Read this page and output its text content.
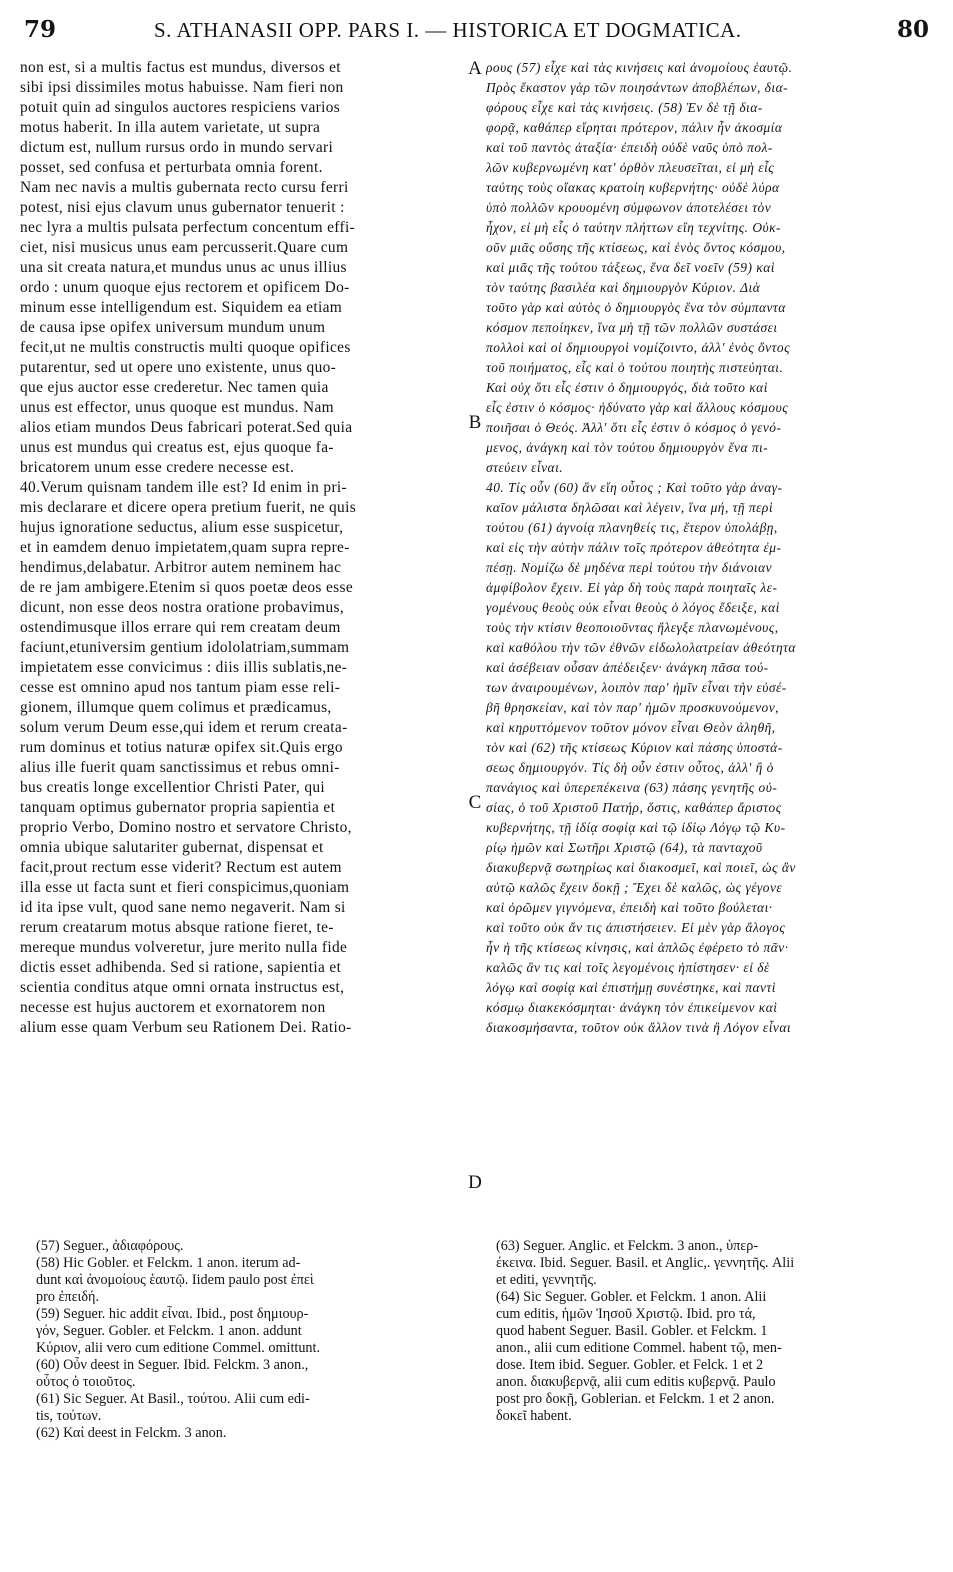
79	S. ATHANASII OPP. PARS I. — HISTORICA ET DOGMATICA.	80
non est, si a multis factus est mundus, diversos et
sibi ipsi dissimiles motus habuisse. Nam fieri non
potuit quin ad singulos auctores respiciens varios
motus haberit. In illa autem varietate, ut supra
dictum est, nullum rursus ordo in mundo servari
posset, sed confusa et perturbata omnia forent.
Nam nec navis a multis gubernata recto cursu ferri
potest, nisi ejus clavum unus gubernator tenuerit :
nec lyra a multis pulsata perfectum concentum effi-
ciet, nisi musicus unus eam percusserit.Quare cum
una sit creata natura,et mundus unus ac unus illius
ordo : unum quoque ejus rectorem et opificem Do-
minum esse intelligendum est. Siquidem ea etiam
de causa ipse opifex universum mundum unum
fecit,ut ne multis constructis multi quoque opifices
putarentur, sed ut opere uno existente, unus quo-
que ejus auctor esse crederetur. Nec tamen quia
unus est effector, unus quoque est mundus. Nam
alios etiam mundos Deus fabricari poterat.Sed quia
unus est mundus qui creatus est, ejus quoque fa-
bricatorem unum esse credere necesse est.
40.Verum quisnam tandem ille est? Id enim in pri-
mis declarare et dicere opera pretium fuerit, ne quis
hujus ignoratione seductus, alium esse suspicetur,
et in eamdem denuo impietatem,quam supra repre-
hendimus,delabatur. Arbitror autem neminem hac
de re jam ambigere.Etenim si quos poetæ deos esse
dicunt, non esse deos nostra oratione probavimus,
ostendimusque illos errare qui rem creatam deum
faciunt,etuniversim gentium idololatriam,summam
impietatem esse convicimus : diis illis sublatis,ne-
cesse est omnino apud nos tantum piam esse reli-
gionem, illumque quem colimus et prædicamus,
solum verum Deum esse,qui idem et rerum creata-
rum dominus et totius naturæ opifex sit.Quis ergo
alius ille fuerit quam sanctissimus et rebus omni-
bus creatis longe excellentior Christi Pater, qui
tanquam optimus gubernator propria sapientia et
proprio Verbo, Domino nostro et servatore Christo,
omnia ubique salutariter gubernat, dispensat et
facit,prout rectum esse viderit? Rectum est autem
illa esse ut facta sunt et fieri conspicimus,quoniam
id ita ipse vult, quod sane nemo negaverit. Nam si
rerum creatarum motus absque ratione fieret, te-
mereque mundus volveretur, jure merito nulla fide
dictis esset adhibenda. Sed si ratione, sapientia et
scientia conditus atque omni ornata instructus est,
necesse est hujus auctorem et exornatorem non
alium esse quam Verbum seu Rationem Dei. Ratio-
ρους (57) εἶχε καὶ τὰς κινήσεις καὶ ἀνομοίους ἑαυτῷ.
Πρὸς ἕκαστον γὰρ τῶν ποιησάντων ἀποβλέπων, δια-
φόρους εἶχε καὶ τὰς κινήσεις. (58) Ἐν δὲ τῇ δια-
φορᾷ, καθάπερ εἴρηται πρότερον, πάλιν ἦν ἀκοσμία
καὶ τοῦ παντὸς ἀταξία· ἐπειδὴ οὐδὲ ναῦς ὑπὸ πολ-
λῶν κυβερνωμένη κατ' ὀρθὸν πλευσεῖται, εἰ μὴ εἷς
ταύτης τοὺς οἴακας κρατοίη κυβερνήτης· οὐδὲ λύρα
ὑπὸ πολλῶν κρουομένη σύμφωνον ἀποτελέσει τὸν
ἦχον, εἰ μὴ εἷς ὁ ταύτην πλήττων εἴη τεχνίτης. Οὐκ-
οῦν μιᾶς οὔσης τῆς κτίσεως, καὶ ἑνὸς ὄντος κόσμου,
καὶ μιᾶς τῆς τούτου τάξεως, ἕνα δεῖ νοεῖν (59) καὶ
τὸν ταύτης βασιλέα καὶ δημιουργὸν Κύριον. Διὰ
τοῦτο γὰρ καὶ αὐτὸς ὁ δημιουργὸς ἕνα τὸν σύμπαντα
κόσμον πεποίηκεν, ἵνα μὴ τῇ τῶν πολλῶν συστάσει
πολλοὶ καὶ οἱ δημιουργοὶ νομίζοιντο, ἀλλ' ἑνὸς ὄντος
τοῦ ποιήματος, εἷς καὶ ὁ τούτου ποιητὴς πιστεύηται.
Καὶ οὐχ ὅτι εἷς ἐστιν ὁ δημιουργός, διὰ τοῦτο καὶ
εἷς ἐστιν ὁ κόσμος· ἠδύνατο γὰρ καὶ ἄλλους κόσμους
ποιῆσαι ὁ Θεός. Ἀλλ' ὅτι εἷς ἐστιν ὁ κόσμος ὁ γενό-
μενος, ἀνάγκη καὶ τὸν τούτου δημιουργὸν ἕνα πι-
στεύειν εἶναι.
40. Τίς οὖν (60) ἂν εἴη οὗτος ; Καὶ τοῦτο γὰρ ἀναγ-
καῖον μάλιστα δηλῶσαι καὶ λέγειν, ἵνα μή, τῇ περὶ
τούτου (61) ἀγνοίᾳ πλανηθείς τις, ἕτερον ὑπολάβῃ,
καὶ εἰς τὴν αὐτὴν πάλιν τοῖς πρότερον ἀθεότητα ἐμ-
πέσῃ. Νομίζω δὲ μηδένα περὶ τούτου τὴν διάνοιαν
ἀμφίβολον ἔχειν. Εἰ γὰρ δὴ τοὺς παρὰ ποιηταῖς λε-
γομένους θεοὺς οὐκ εἶναι θεοὺς ὁ λόγος ἔδειξε, καὶ
τοὺς τὴν κτίσιν θεοποιοῦντας ἤλεγξε πλανωμένους,
καὶ καθόλου τὴν τῶν ἐθνῶν εἰδωλολατρείαν ἀθεότητα
καὶ ἀσέβειαν οὖσαν ἀπέδειξεν· ἀνάγκη πᾶσα τού-
των ἀναιρουμένων, λοιπὸν παρ' ἡμῖν εἶναι τὴν εὐσέ-
βῆ θρησκείαν, καὶ τὸν παρ' ἡμῶν προσκυνούμενον,
καὶ κηρυττόμενον τοῦτον μόνον εἶναι Θεὸν ἀληθῆ,
τὸν καὶ (62) τῆς κτίσεως Κύριον καὶ πάσης ὑποστά-
σεως δημιουργόν. Τίς δὴ οὖν ἐστιν οὗτος, ἀλλ' ἢ ὁ
πανάγιος καὶ ὑπερεπέκεινα (63) πάσης γενητῆς οὐ-
σίας, ὁ τοῦ Χριστοῦ Πατήρ, ὅστις, καθάπερ ἄριστος
κυβερνήτης, τῇ ἰδίᾳ σοφίᾳ καὶ τῷ ἰδίῳ Λόγῳ τῷ Κυ-
ρίῳ ἡμῶν καὶ Σωτῆρι Χριστῷ (64), τὰ πανταχοῦ
διακυβερνᾷ σωτηρίως καὶ διακοσμεῖ, καὶ ποιεῖ, ὡς ἂν
αὐτῷ καλῶς ἔχειν δοκῇ ; Ἔχει δὲ καλῶς, ὡς γέγονε
καὶ ὁρῶμεν γιγνόμενα, ἐπειδὴ καὶ τοῦτο βούλεται·
καὶ τοῦτο οὐκ ἄν τις ἀπιστήσειεν. Εἰ μὲν γὰρ ἄλογος
ἦν ἡ τῆς κτίσεως κίνησις, καὶ ἁπλῶς ἐφέρετο τὸ πᾶν·
καλῶς ἂν τις καὶ τοῖς λεγομένοις ἠπίστησεν· εἰ δὲ
λόγῳ καὶ σοφίᾳ καὶ ἐπιστήμῃ συνέστηκε, καὶ παντὶ
κόσμῳ διακεκόσμηται· ἀνάγκη τὸν ἐπικείμενον καὶ
διακοσμήσαντα, τοῦτον οὐκ ἄλλον τινὰ ἢ Λόγον εἶναι
A
B
C
D
(57) Seguer., ἀδιαφόρους.
(58) Hic Gobler. et Felckm. 1 anon. iterum ad-
dunt καὶ ἀνομοίους ἑαυτῷ. Iidem paulo post ἐπεὶ
pro ἐπειδή.
(59) Seguer. hic addit εἶναι. Ibid., post δημιουρ-
γόν, Seguer. Gobler. et Felckm. 1 anon. addunt
Κύριον, alii vero cum editione Commel. omittunt.
(60) Οὖν deest in Seguer. Ibid. Felckm. 3 anon.,
οὗτος ὁ τοιοῦτος.
(61) Sic Seguer. At Basil., τούτου. Alii cum edi-
tis, τούτων.
(62) Καί deest in Felckm. 3 anon.
(63) Seguer. Anglic. et Felckm. 3 anon., ὑπερ-
έκεινα. Ibid. Seguer. Basil. et Anglic,. γεννητῆς. Alii
et editi, γεννητῆς.
(64) Sic Seguer. Gobler. et Felckm. 1 anon. Alii
cum editis, ἡμῶν Ἰησοῦ Χριστῷ. Ibid. pro τά,
quod habent Seguer. Basil. Gobler. et Felckm. 1
anon., alii cum editione Commel. habent τῷ, men-
dose. Item ibid. Seguer. Gobler. et Felck. 1 et 2
anon. διακυβερνᾷ, alii cum editis κυβερνᾷ. Paulo
post pro δοκῇ, Goblerian. et Felckm. 1 et 2 anon.
δοκεῖ habent.
